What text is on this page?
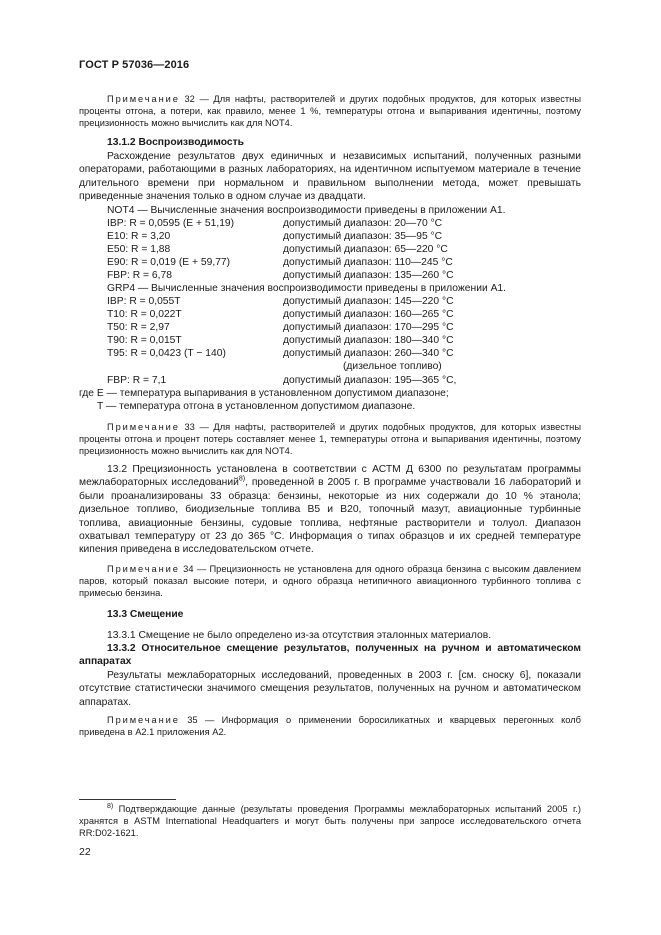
ГОСТ Р 57036—2016
Примечание 32 — Для нафты, растворителей и других подобных продуктов, для которых известны проценты отгона, а потери, как правило, менее 1 %, температуры отгона и выпаривания идентичны, поэтому прецизионность можно вычислить как для NOT4.
13.1.2 Воспроизводимость
Расхождение результатов двух единичных и независимых испытаний, полученных разными операторами, работающими в разных лабораториях, на идентичном испытуемом материале в течение длительного времени при нормальном и правильном выполнении метода, может превышать приведенные значения только в одном случае из двадцати.
NOT4 — Вычисленные значения воспроизводимости приведены в приложении А1.
IBP: R = 0,0595 (E + 51,19)	допустимый диапазон: 20—70 °C
E10: R = 3,20	допустимый диапазон: 35—95 °C
E50: R = 1,88	допустимый диапазон: 65—220 °C
E90: R = 0,019 (E + 59,77)	допустимый диапазон: 110—245 °C
FBP: R = 6,78	допустимый диапазон: 135—260 °C
GRP4 — Вычисленные значения воспроизводимости приведены в приложении А1.
IBP: R = 0,055T	допустимый диапазон: 145—220 °C
T10: R = 0,022T	допустимый диапазон: 160—265 °C
T50: R = 2,97	допустимый диапазон: 170—295 °C
T90: R = 0,015T	допустимый диапазон: 180—340 °C
T95: R = 0,0423 (T − 140)	допустимый диапазон: 260—340 °C
(дизельное топливо)
FBP: R = 7,1	допустимый диапазон: 195—365 °C,
где E — температура выпаривания в установленном допустимом диапазоне;
T — температура отгона в установленном допустимом диапазоне.
Примечание 33 — Для нафты, растворителей и других подобных продуктов, для которых известны проценты отгона и процент потерь составляет менее 1, температуры отгона и выпаривания идентичны, поэтому прецизионность можно вычислить как для NOT4.
13.2 Прецизионность установлена в соответствии с АСТМ Д 6300 по результатам программы межлабораторных исследований$^{8)}$, проведенной в 2005 г. В программе участвовали 16 лабораторий и были проанализированы 33 образца: бензины, некоторые из них содержали до 10 % этанола; дизельное топливо, биодизельные топлива B5 и B20, топочный мазут, авиационные турбинные топлива, авиационные бензины, судовые топлива, нефтяные растворители и толуол. Диапазон охватывал температуру от 23 до 365 °C. Информация о типах образцов и их средней температуре кипения приведена в исследовательском отчете.
Примечание 34 — Прецизионность не установлена для одного образца бензина с высоким давлением паров, который показал высокие потери, и одного образца нетипичного авиационного турбинного топлива с примесью бензина.
13.3 Смещение
13.3.1 Смещение не было определено из-за отсутствия эталонных материалов.
13.3.2 Относительное смещение результатов, полученных на ручном и автоматическом аппаратах
Результаты межлабораторных исследований, проведенных в 2003 г. [см. сноску 6], показали отсутствие статистически значимого смещения результатов, полученных на ручном и автоматическом аппаратах.
Примечание 35 — Информация о применении боросиликатных и кварцевых перегонных колб приведена в А2.1 приложения А2.
$^{8)}$ Подтверждающие данные (результаты проведения Программы межлабораторных испытаний 2005 г.) хранятся в ASTM International Headquarters и могут быть получены при запросе исследовательского отчета RR:D02-1621.
22
